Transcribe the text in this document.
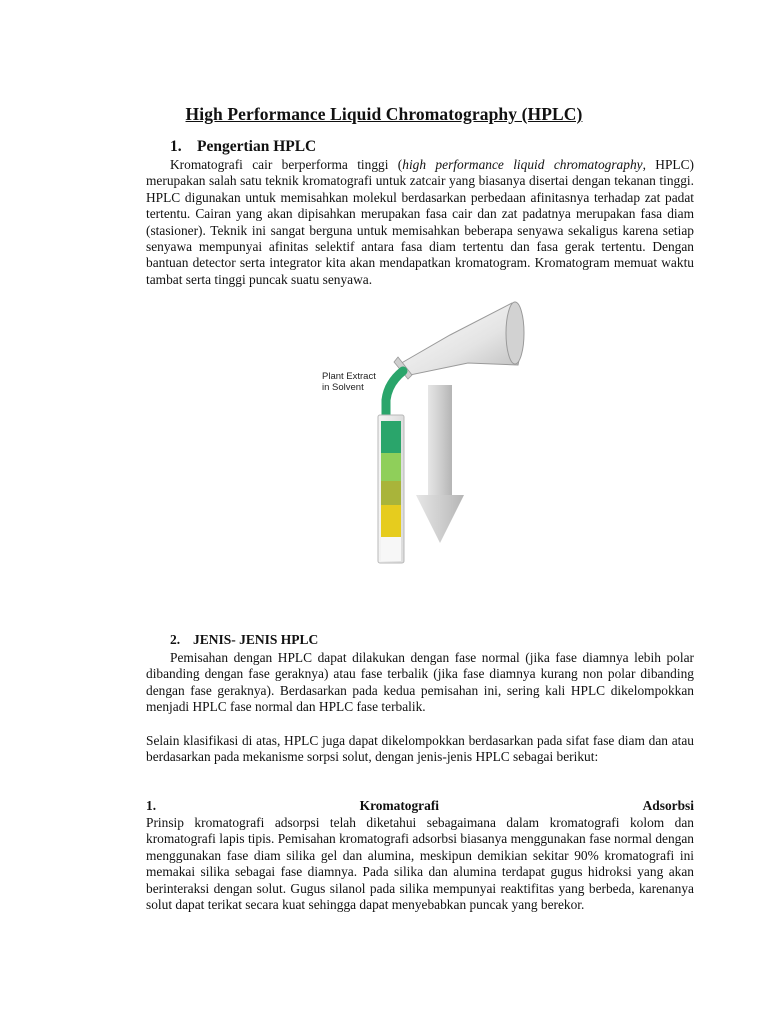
High Performance Liquid Chromatography (HPLC)
1. Pengertian HPLC
Kromatografi cair berperforma tinggi (high performance liquid chromatography, HPLC) merupakan salah satu teknik kromatografi untuk zatcair yang biasanya disertai dengan tekanan tinggi. HPLC digunakan untuk memisahkan molekul berdasarkan perbedaan afinitasnya terhadap zat padat tertentu. Cairan yang akan dipisahkan merupakan fasa cair dan zat padatnya merupakan fasa diam (stasioner). Teknik ini sangat berguna untuk memisahkan beberapa senyawa sekaligus karena setiap senyawa mempunyai afinitas selektif antara fasa diam tertentu dan fasa gerak tertentu. Dengan bantuan detector serta integrator kita akan mendapatkan kromatogram. Kromatogram memuat waktu tambat serta tinggi puncak suatu senyawa.
Plant Extract
in Solvent
2. JENIS- JENIS HPLC
Pemisahan dengan HPLC dapat dilakukan dengan fase normal (jika fase diamnya lebih polar dibanding dengan fase geraknya) atau fase terbalik (jika fase diamnya kurang non polar dibanding dengan fase geraknya). Berdasarkan pada kedua pemisahan ini, sering kali HPLC dikelompokkan menjadi HPLC fase normal dan HPLC fase terbalik.
Selain klasifikasi di atas, HPLC juga dapat dikelompokkan berdasarkan pada sifat fase diam dan atau berdasarkan pada mekanisme sorpsi solut, dengan jenis-jenis HPLC sebagai berikut:
1.	Kromatografi	Adsorbsi
Prinsip kromatografi adsorpsi telah diketahui sebagaimana dalam kromatografi kolom dan kromatografi lapis tipis. Pemisahan kromatografi adsorbsi biasanya menggunakan fase normal dengan menggunakan fase diam silika gel dan alumina, meskipun demikian sekitar 90% kromatografi ini memakai silika sebagai fase diamnya. Pada silika dan alumina terdapat gugus hidroksi yang akan berinteraksi dengan solut. Gugus silanol pada silika mempunyai reaktifitas yang berbeda, karenanya solut dapat terikat secara kuat sehingga dapat menyebabkan puncak yang berekor.
